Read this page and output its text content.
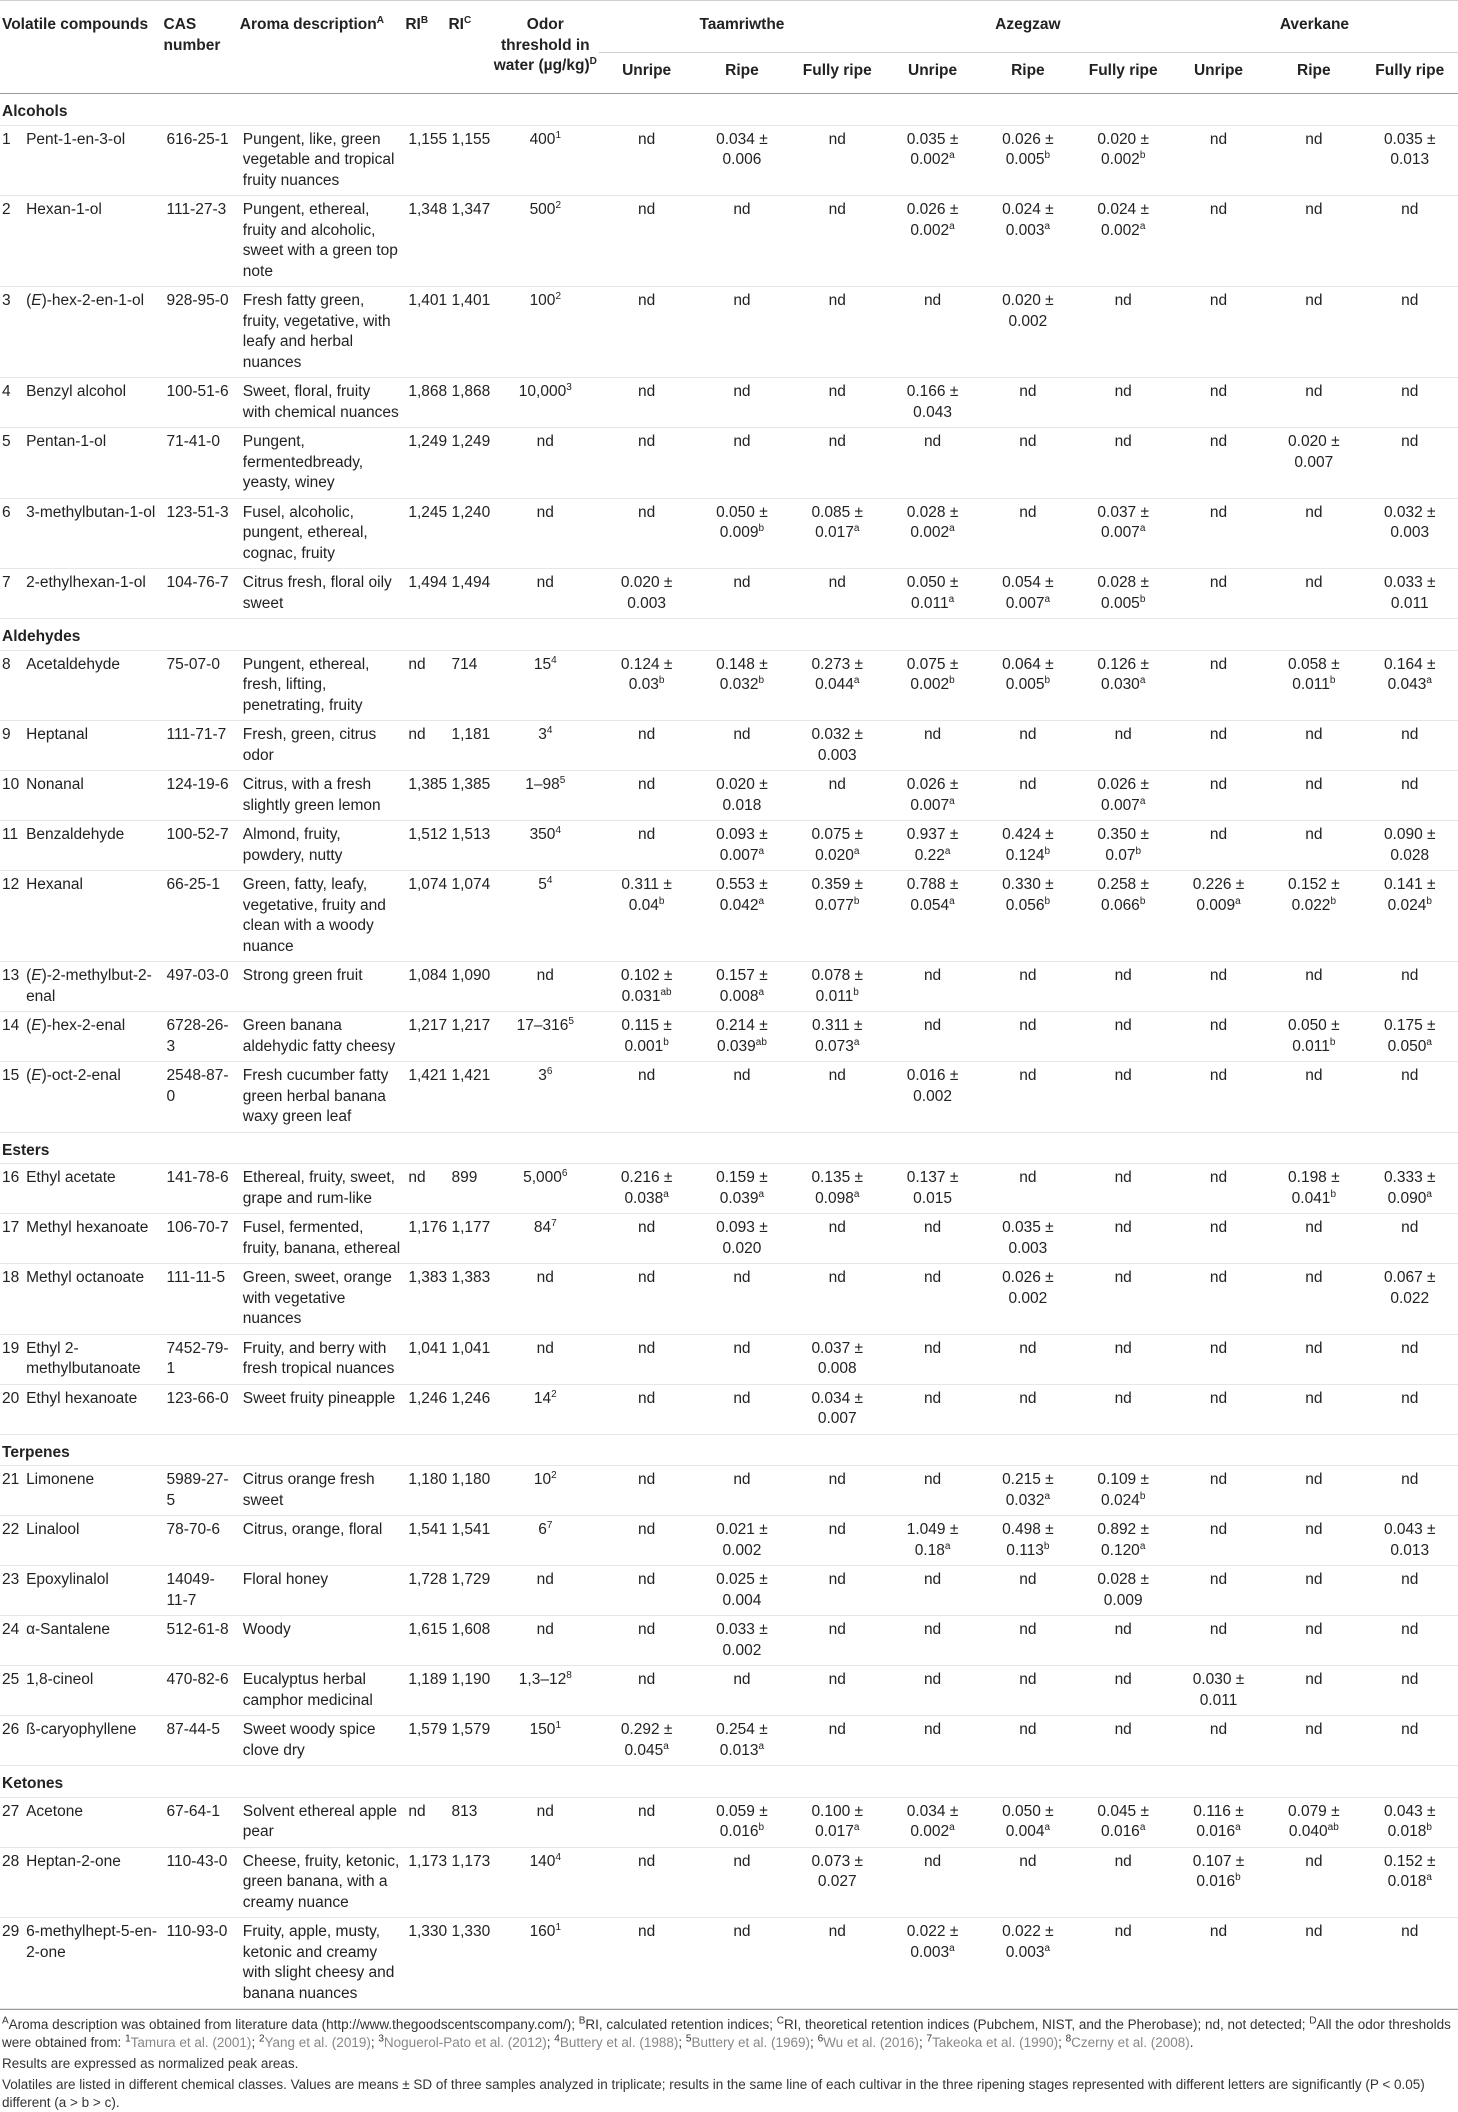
Volatile compounds		CAS number	Aroma description$^A$	$RI^B$	$RI^C$	Odor threshold in water $(\mu g/kg)^D$	Taamriwthe			Azegzaw			Averkane		
							Unripe	Ripe	Fully ripe	Unripe	Ripe	Fully ripe	Unripe	Ripe	Fully ripe
Alcohols															
1	Pent-1-en-3-ol	616-25-1	Pungent, like, green vegetable and tropical fruity nuances	1,155	1,155	$400^1$	nd	0.034 ± 0.006	nd	0.035 ± 0.002$^a$	0.026 ± 0.005$^b$	0.020 ± 0.002$^b$	nd	nd	0.035 ± 0.013
2	Hexan-1-ol	111-27-3	Pungent, ethereal, fruity and alcoholic, sweet with a green top note	1,348	1,347	$500^2$	nd	nd	nd	0.026 ± 0.002$^a$	0.024 ± 0.003$^a$	0.024 ± 0.002$^a$	nd	nd	nd
3	(E)-hex-2-en-1-ol	928-95-0	Fresh fatty green, fruity, vegetative, with leafy and herbal nuances	1,401	1,401	$100^2$	nd	nd	nd	nd	0.020 ± 0.002	nd	nd	nd	nd
4	Benzyl alcohol	100-51-6	Sweet, floral, fruity with chemical nuances	1,868	1,868	10,000$^3$	nd	nd	nd	0.166 ± 0.043	nd	nd	nd	nd	nd
5	Pentan-1-ol	71-41-0	Pungent, fermentedbready, yeasty, winey	1,249	1,249	nd	nd	nd	nd	nd	nd	nd	nd	0.020 ± 0.007	nd
6	3-methylbutan-1-ol	123-51-3	Fusel, alcoholic, pungent, ethereal, cognac, fruity	1,245	1,240	nd	nd	0.050 ± 0.009$^b$	0.085 ± 0.017$^a$	0.028 ± 0.002$^a$	nd	0.037 ± 0.007$^a$	nd	nd	0.032 ± 0.003
7	2-ethylhexan-1-ol	104-76-7	Citrus fresh, floral oily sweet	1,494	1,494	nd	0.020 ± 0.003	nd	nd	0.050 ± 0.011$^a$	0.054 ± 0.007$^a$	0.028 ± 0.005$^b$	nd	nd	0.033 ± 0.011
Aldehydes															
8	Acetaldehyde	75-07-0	Pungent, ethereal, fresh, lifting, penetrating, fruity	nd	714	$15^4$	0.124 ± 0.03$^b$	0.148 ± 0.032$^b$	0.273 ± 0.044$^a$	0.075 ± 0.002$^b$	0.064 ± 0.005$^b$	0.126 ± 0.030$^a$	nd	0.058 ± 0.011$^b$	0.164 ± 0.043$^a$
9	Heptanal	111-71-7	Fresh, green, citrus odor	nd	1,181	$3^4$	nd	nd	0.032 ± 0.003	nd	nd	nd	nd	nd	nd
10	Nonanal	124-19-6	Citrus, with a fresh slightly green lemon	1,385	1,385	$1-98^5$	nd	0.020 ± 0.018	nd	0.026 ± 0.007$^a$	nd	0.026 ± 0.007$^a$	nd	nd	nd
11	Benzaldehyde	100-52-7	Almond, fruity, powdery, nutty	1,512	1,513	$350^4$	nd	0.093 ± 0.007$^a$	0.075 ± 0.020$^a$	0.937 ± 0.22$^a$	0.424 ± 0.124$^b$	0.350 ± 0.07$^b$	nd	nd	0.090 ± 0.028
12	Hexanal	66-25-1	Green, fatty, leafy, vegetative, fruity and clean with a woody nuance	1,074	1,074	$5^4$	0.311 ± 0.04$^b$	0.553 ± 0.042$^a$	0.359 ± 0.077$^b$	0.788 ± 0.054$^a$	0.330 ± 0.056$^b$	0.258 ± 0.066$^b$	0.226 ± 0.009$^a$	0.152 ± 0.022$^b$	0.141 ± 0.024$^b$
13	(E)-2-methylbut-2-enal	497-03-0	Strong green fruit	1,084	1,090	nd	0.102 ± 0.031$^{ab}$	0.157 ± 0.008$^a$	0.078 ± 0.011$^b$	nd	nd	nd	nd	nd	nd
14	(E)-hex-2-enal	6728-26-3	Green banana aldehydic fatty cheesy	1,217	1,217	$17-316^5$	0.115 ± 0.001$^b$	0.214 ± 0.039$^{ab}$	0.311 ± 0.073$^a$	nd	nd	nd	nd	0.050 ± 0.011$^b$	0.175 ± 0.050$^a$
15	(E)-oct-2-enal	2548-87-0	Fresh cucumber fatty green herbal banana waxy green leaf	1,421	1,421	$3^6$	nd	nd	nd	0.016 ± 0.002	nd	nd	nd	nd	nd
Esters															
16	Ethyl acetate	141-78-6	Ethereal, fruity, sweet, grape and rum-like	nd	899	5,000$^6$	0.216 ± 0.038$^a$	0.159 ± 0.039$^a$	0.135 ± 0.098$^a$	0.137 ± 0.015	nd	nd	nd	0.198 ± 0.041$^b$	0.333 ± 0.090$^a$
17	Methyl hexanoate	106-70-7	Fusel, fermented, fruity, banana, ethereal	1,176	1,177	$84^7$	nd	0.093 ± 0.020	nd	nd	0.035 ± 0.003	nd	nd	nd	nd
18	Methyl octanoate	111-11-5	Green, sweet, orange with vegetative nuances	1,383	1,383	nd	nd	nd	nd	nd	0.026 ± 0.002	nd	nd	nd	0.067 ± 0.022
19	Ethyl 2-methylbutanoate	7452-79-1	Fruity, and berry with fresh tropical nuances	1,041	1,041	nd	nd	nd	0.037 ± 0.008	nd	nd	nd	nd	nd	nd
20	Ethyl hexanoate	123-66-0	Sweet fruity pineapple	1,246	1,246	$14^2$	nd	nd	0.034 ± 0.007	nd	nd	nd	nd	nd	nd
Terpenes															
21	Limonene	5989-27-5	Citrus orange fresh sweet	1,180	1,180	$10^2$	nd	nd	nd	nd	0.215 ± 0.032$^a$	0.109 ± 0.024$^b$	nd	nd	nd
22	Linalool	78-70-6	Citrus, orange, floral	1,541	1,541	$6^7$	nd	0.021 ± 0.002	nd	1.049 ± 0.18$^a$	0.498 ± 0.113$^b$	0.892 ± 0.120$^a$	nd	nd	0.043 ± 0.013
23	Epoxylinalol	14049-11-7	Floral honey	1,728	1,729	nd	nd	0.025 ± 0.004	nd	nd	nd	0.028 ± 0.009	nd	nd	nd
24	α-Santalene	512-61-8	Woody	1,615	1,608	nd	nd	0.033 ± 0.002	nd	nd	nd	nd	nd	nd	nd
25	1,8-cineol	470-82-6	Eucalyptus herbal camphor medicinal	1,189	1,190	$1,3-12^8$	nd	nd	nd	nd	nd	nd	0.030 ± 0.011	nd	nd
26	ß-caryophyllene	87-44-5	Sweet woody spice clove dry	1,579	1,579	$150^1$	0.292 ± 0.045$^a$	0.254 ± 0.013$^a$	nd	nd	nd	nd	nd	nd	nd
Ketones															
27	Acetone	67-64-1	Solvent ethereal apple pear	nd	813	nd	nd	0.059 ± 0.016$^b$	0.100 ± 0.017$^a$	0.034 ± 0.002$^a$	0.050 ± 0.004$^a$	0.045 ± 0.016$^a$	0.116 ± 0.016$^a$	0.079 ± 0.040$^{ab}$	0.043 ± 0.018$^b$
28	Heptan-2-one	110-43-0	Cheese, fruity, ketonic, green banana, with a creamy nuance	1,173	1,173	$140^4$	nd	nd	0.073 ± 0.027	nd	nd	nd	0.107 ± 0.016$^b$	nd	0.152 ± 0.018$^a$
29	6-methylhept-5-en-2-one	110-93-0	Fruity, apple, musty, ketonic and creamy with slight cheesy and banana nuances	1,330	1,330	$160^1$	nd	nd	nd	0.022 ± 0.003$^a$	0.022 ± 0.003$^a$	nd	nd	nd	nd

$^A$Aroma description was obtained from literature data (http://www.thegoodscentscompany.com/); $^B$RI, calculated retention indices; $^C$RI, theoretical retention indices (Pubchem, NIST, and the Pherobase); nd, not detected; $^D$All the odor thresholds were obtained from: $^1$Tamura et al. (2001); $^2$Yang et al. (2019); $^3$Noguerol-Pato et al. (2012); $^4$Buttery et al. (1988); $^5$Buttery et al. (1969); $^6$Wu et al. (2016); $^7$Takeoka et al. (1990); $^8$Czerny et al. (2008).

Results are expressed as normalized peak areas.

Volatiles are listed in different chemical classes. Values are means ± SD of three samples analyzed in triplicate; results in the same line of each cultivar in the three ripening stages represented with different letters are significantly (P < 0.05) different (a > b > c).
